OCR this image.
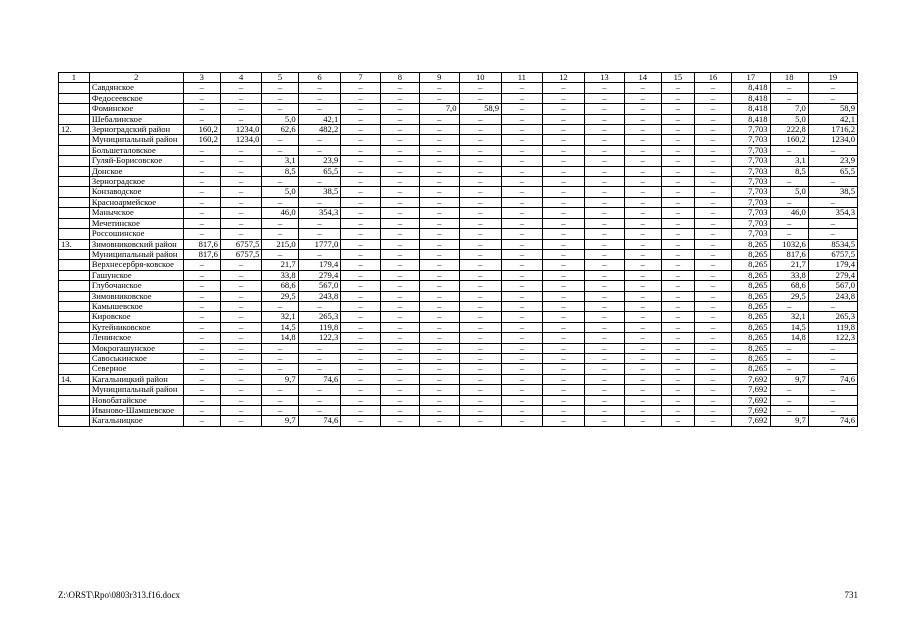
1	2	3	4	5	6	7	8	9	10	11	12	13	14	15	16	17	18	19
	Савдянское	–	–	–	–	–	–	–	–	–	–	–	–	–	–	8,418	–	–
	Федосеевское	–	–	–	–	–	–	–	–	–	–	–	–	–	–	8,418	–	–
	Фоминское	–	–	–	–	–	–	7,0	58,9	–	–	–	–	–	–	8,418	7,0	58,9
	Шебалинское	–	–	5,0	42,1	–	–	–	–	–	–	–	–	–	–	8,418	5,0	42,1
12.	Зерноградский район	160,2	1234,0	62,6	482,2	–	–	–	–	–	–	–	–	–	–	7,703	222,8	1716,2
	Муниципальный район	160,2	1234,0	–	–	–	–	–	–	–	–	–	–	–	–	7,703	160,2	1234,0
	Большеталовское	–	–	–	–	–	–	–	–	–	–	–	–	–	–	7,703	–	–
	Гуляй-Борисовское	–	–	3,1	23,9	–	–	–	–	–	–	–	–	–	–	7,703	3,1	23,9
	Донское	–	–	8,5	65,5	–	–	–	–	–	–	–	–	–	–	7,703	8,5	65,5
	Зерноградское	–	–	–	–	–	–	–	–	–	–	–	–	–	–	7,703	–	–
	Конзаводское	–	–	5,0	38,5	–	–	–	–	–	–	–	–	–	–	7,703	5,0	38,5
	Красноармейское	–	–	–	–	–	–	–	–	–	–	–	–	–	–	7,703	–	–
	Манычское	–	–	46,0	354,3	–	–	–	–	–	–	–	–	–	–	7,703	46,0	354,3
	Мечетинское	–	–	–	–	–	–	–	–	–	–	–	–	–	–	7,703	–	–
	Россошинское	–	–	–	–	–	–	–	–	–	–	–	–	–	–	7,703	–	–
13.	Зимовниковский район	817,6	6757,5	215,0	1777,0	–	–	–	–	–	–	–	–	–	–	8,265	1032,6	8534,5
	Муниципальный район	817,6	6757,5	–	–	–	–	–	–	–	–	–	–	–	–	8,265	817,6	6757,5
	Верхнесербря-ковское	–	–	21,7	179,4	–	–	–	–	–	–	–	–	–	–	8,265	21,7	179,4
	Гашунское	–	–	33,8	279,4	–	–	–	–	–	–	–	–	–	–	8,265	33,8	279,4
	Глубочанское	–	–	68,6	567,0	–	–	–	–	–	–	–	–	–	–	8,265	68,6	567,0
	Зимовниковское	–	–	29,5	243,8	–	–	–	–	–	–	–	–	–	–	8,265	29,5	243,8
	Камышевское	–	–	–	–	–	–	–	–	–	–	–	–	–	–	8,265	–	–
	Кировское	–	–	32,1	265,3	–	–	–	–	–	–	–	–	–	–	8,265	32,1	265,3
	Кутейниковское	–	–	14,5	119,8	–	–	–	–	–	–	–	–	–	–	8,265	14,5	119,8
	Ленинское	–	–	14,8	122,3	–	–	–	–	–	–	–	–	–	–	8,265	14,8	122,3
	Мокрогашунское	–	–	–	–	–	–	–	–	–	–	–	–	–	–	8,265	–	–
	Савоськинское	–	–	–	–	–	–	–	–	–	–	–	–	–	–	8,265	–	–
	Северное	–	–	–	–	–	–	–	–	–	–	–	–	–	–	8,265	–	–
14.	Кагальницкий район	–	–	9,7	74,6	–	–	–	–	–	–	–	–	–	–	7,692	9,7	74,6
	Муниципальный район	–	–	–	–	–	–	–	–	–	–	–	–	–	–	7,692	–	–
	Новобатайское	–	–	–	–	–	–	–	–	–	–	–	–	–	–	7,692	–	–
	Иваново-Шамшевское	–	–	–	–	–	–	–	–	–	–	–	–	–	–	7,692	–	–
	Кагальницкое	–	–	9,7	74,6	–	–	–	–	–	–	–	–	–	–	7,692	9,7	74,6
Z:\ORST\Rpo\0803r313.f16.docx	731
